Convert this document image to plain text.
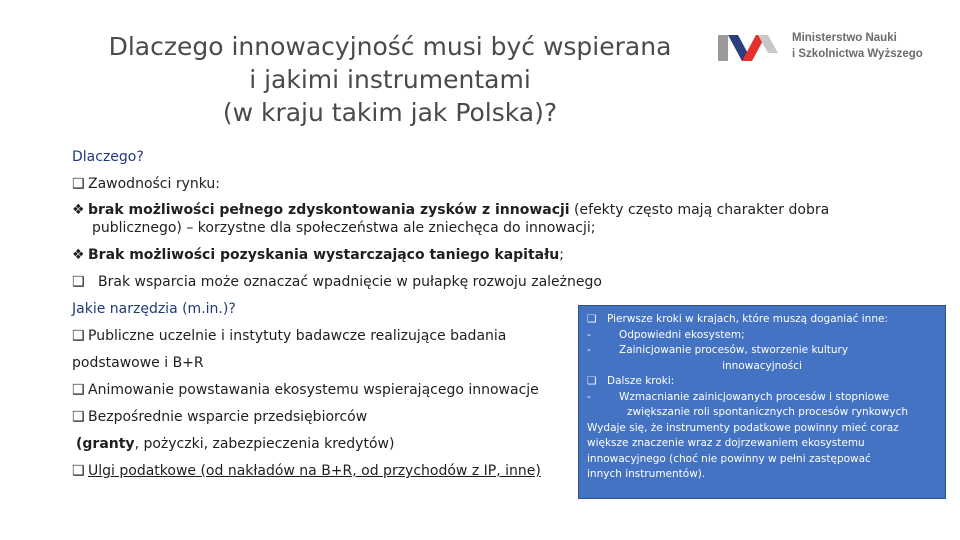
Dlaczego innowacyjność musi być wspierana
i jakimi instrumentami
(w kraju takim jak Polska)?
Ministerstwo Nauki
i Szkolnictwa Wyższego
Dlaczego?
❑ Zawodności rynku:
❖ brak możliwości pełnego zdyskontowania zysków z innowacji (efekty często mają charakter dobra
publicznego) – korzystne dla społeczeństwa ale zniechęca do innowacji;
❖ Brak możliwości pozyskania wystarczająco taniego kapitału;
❑ Brak wsparcia może oznaczać wpadnięcie w pułapkę rozwoju zależnego
Jakie narzędzia (m.in.)?
❑ Publiczne uczelnie i instytuty badawcze realizujące badania
podstawowe i B+R
❑ Animowanie powstawania ekosystemu wspierającego innowacje
❑ Bezpośrednie wsparcie przedsiębiorców
(granty, pożyczki, zabezpieczenia kredytów)
❑ Ulgi podatkowe (od nakładów na B+R, od przychodów z IP, inne)
❑ Pierwsze kroki w krajach, które muszą doganiać inne:
-	Odpowiedni ekosystem;
-	Zainicjowanie procesów, stworzenie kultury
innowacyjności
❑ Dalsze kroki:
-	Wzmacnianie zainicjowanych procesów i stopniowe
zwiększanie roli spontanicznych procesów rynkowych
Wydaje się, że instrumenty podatkowe powinny mieć coraz
większe znaczenie wraz z dojrzewaniem ekosystemu
innowacyjnego (choć nie powinny w pełni zastępować
innych instrumentów).
